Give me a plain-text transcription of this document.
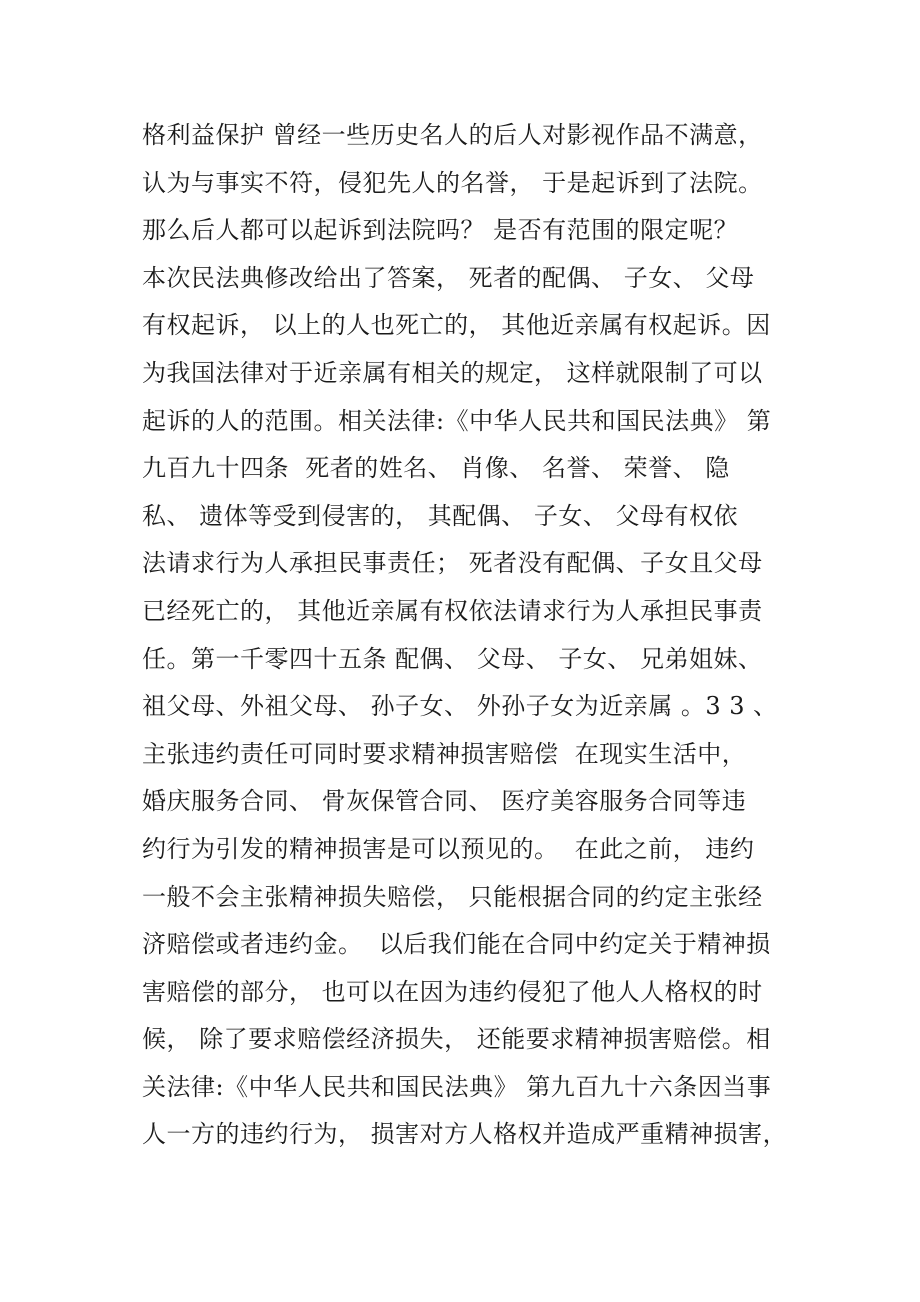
格利益保护 曾经一些历史名人的后人对影视作品不满意，
认为与事实不符，侵犯先人的名誉， 于是起诉到了法院。
那么后人都可以起诉到法院吗？ 是否有范围的限定呢？
本次民法典修改给出了答案， 死者的配偶、 子女、 父母
有权起诉， 以上的人也死亡的， 其他近亲属有权起诉。因
为我国法律对于近亲属有相关的规定， 这样就限制了可以
起诉的人的范围。相关法律:《中华人民共和国民法典》 第
九百九十四条  死者的姓名、 肖像、 名誉、 荣誉、 隐
私、 遗体等受到侵害的， 其配偶、 子女、 父母有权依
法请求行为人承担民事责任； 死者没有配偶、子女且父母
已经死亡的， 其他近亲属有权依法请求行为人承担民事责
任。第一千零四十五条 配偶、 父母、 子女、 兄弟姐妹、
祖父母、外祖父母、 孙子女、 外孙子女为近亲属 。3 3 、
主张违约责任可同时要求精神损害赔偿  在现实生活中，
婚庆服务合同、 骨灰保管合同、 医疗美容服务合同等违
约行为引发的精神损害是可以预见的。  在此之前， 违约
一般不会主张精神损失赔偿， 只能根据合同的约定主张经
济赔偿或者违约金。  以后我们能在合同中约定关于精神损
害赔偿的部分， 也可以在因为违约侵犯了他人人格权的时
候， 除了要求赔偿经济损失， 还能要求精神损害赔偿。相
关法律:《中华人民共和国民法典》 第九百九十六条因当事
人一方的违约行为， 损害对方人格权并造成严重精神损害，
